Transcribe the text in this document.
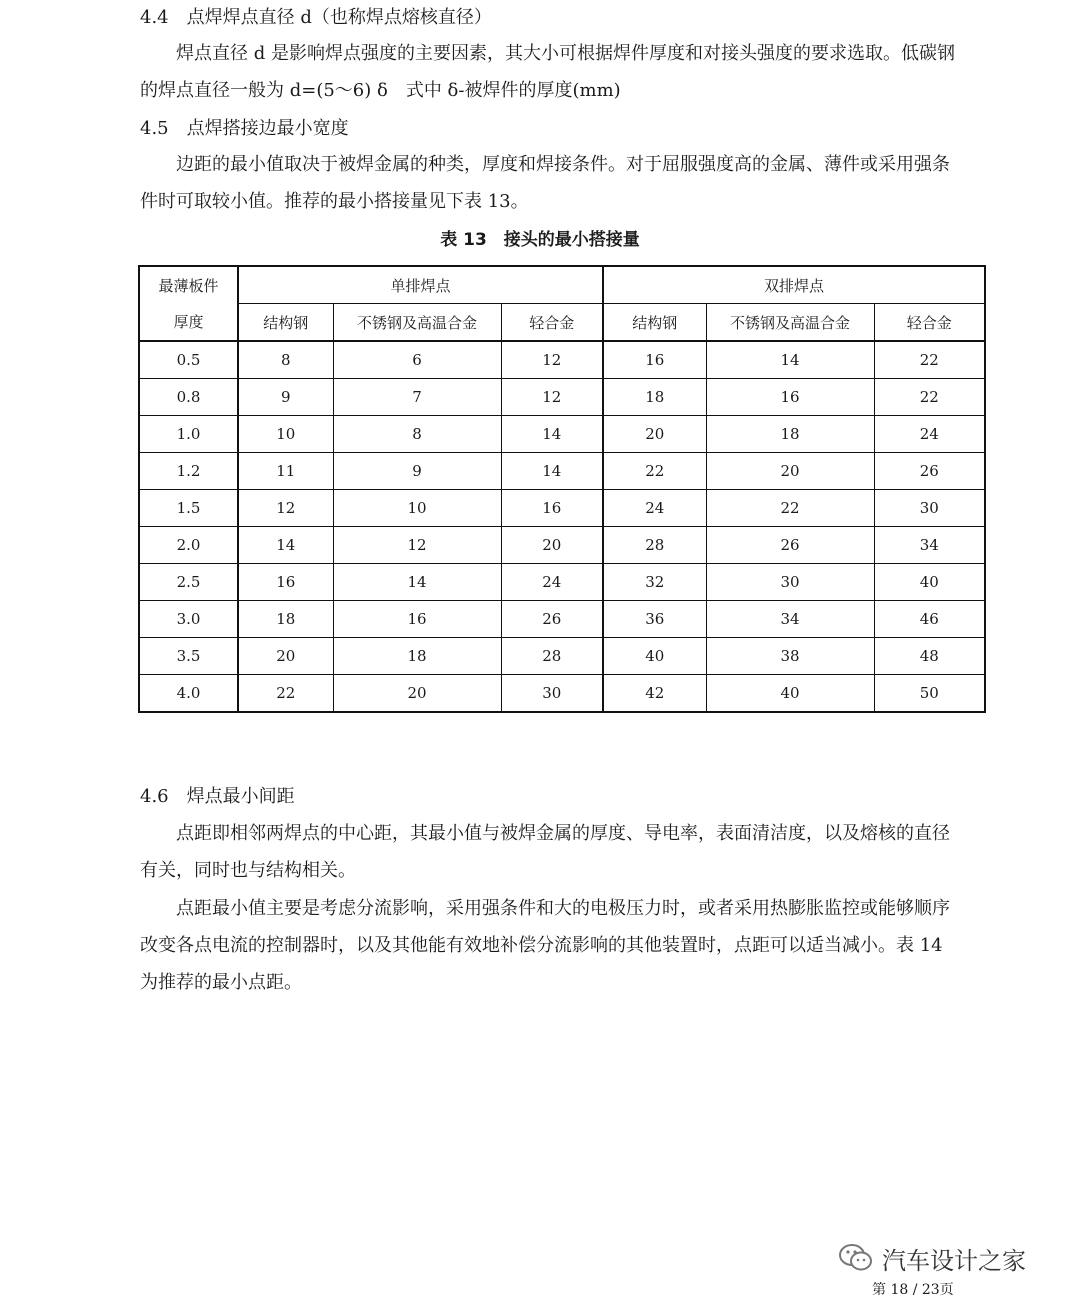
4.4　点焊焊点直径 d（也称焊点熔核直径）
焊点直径 d 是影响焊点强度的主要因素，其大小可根据焊件厚度和对接头强度的要求选取。低碳钢
的焊点直径一般为 d=(5～6) δ　式中 δ-被焊件的厚度(mm)
4.5　点焊搭接边最小宽度
边距的最小值取决于被焊金属的种类，厚度和焊接条件。对于屈服强度高的金属、薄件或采用强条
件时可取较小值。推荐的最小搭接量见下表 13。
表 13　接头的最小搭接量
最薄板件	单排焊点			双排焊点		
厚度	结构钢	不锈钢及高温合金	轻合金	结构钢	不锈钢及高温合金	轻合金
0.5	8	6	12	16	14	22
0.8	9	7	12	18	16	22
1.0	10	8	14	20	18	24
1.2	11	9	14	22	20	26
1.5	12	10	16	24	22	30
2.0	14	12	20	28	26	34
2.5	16	14	24	32	30	40
3.0	18	16	26	36	34	46
3.5	20	18	28	40	38	48
4.0	22	20	30	42	40	50
4.6　焊点最小间距
点距即相邻两焊点的中心距，其最小值与被焊金属的厚度、导电率，表面清洁度，以及熔核的直径
有关，同时也与结构相关。
点距最小值主要是考虑分流影响，采用强条件和大的电极压力时，或者采用热膨胀监控或能够顺序
改变各点电流的控制器时，以及其他能有效地补偿分流影响的其他装置时，点距可以适当减小。表 14
为推荐的最小点距。
汽车设计之家
第 18 / 23页
